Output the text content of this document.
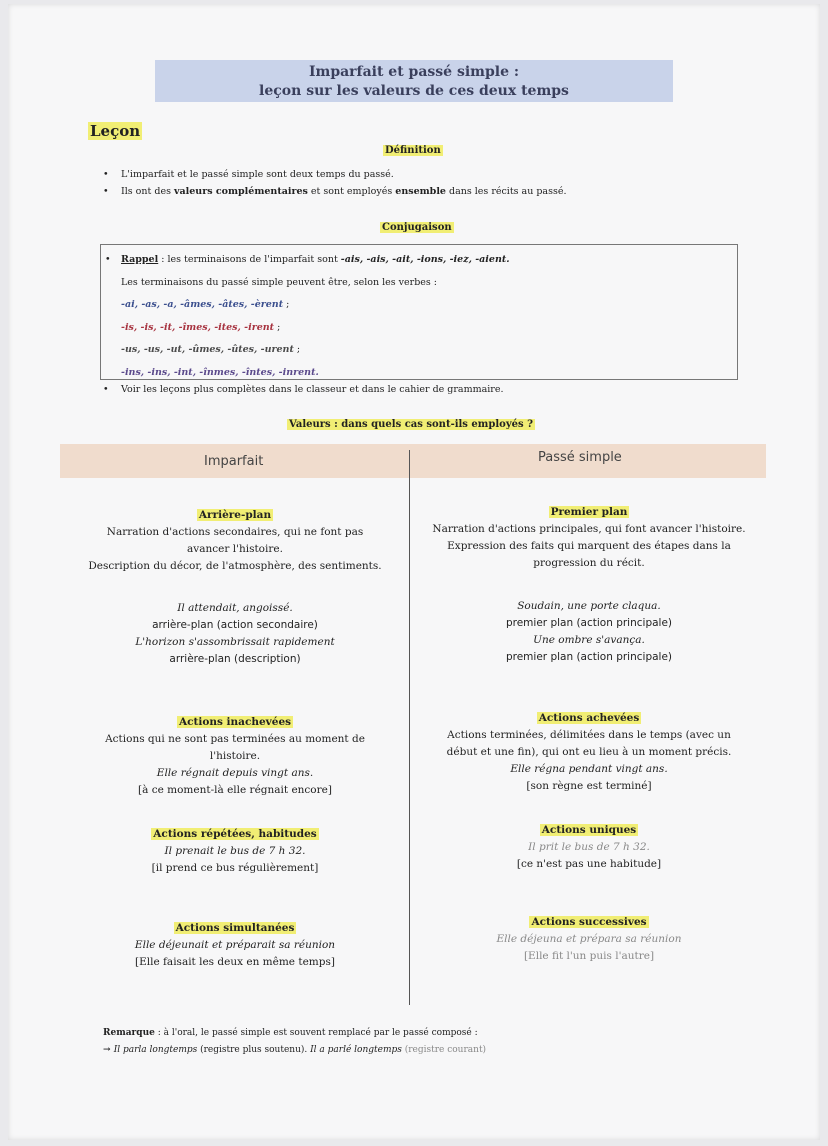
Imparfait et passé simple :
leçon sur les valeurs de ces deux temps
Leçon
Définition
• L'imparfait et le passé simple sont deux temps du passé.
• Ils ont des valeurs complémentaires et sont employés ensemble dans les récits au passé.
Conjugaison
• Rappel : les terminaisons de l'imparfait sont -ais, -ais, -ait, -ions, -iez, -aient.
Les terminaisons du passé simple peuvent être, selon les verbes :
-ai, -as, -a, -âmes, -âtes, -èrent ;
-is, -is, -it, -îmes, -ites, -irent ;
-us, -us, -ut, -ûmes, -ûtes, -urent ;
-ins, -ins, -int, -înmes, -întes, -inrent.
• Voir les leçons plus complètes dans le classeur et dans le cahier de grammaire.
Valeurs : dans quels cas sont-ils employés ?
Imparfait	Passé simple
Arrière-plan
Narration d'actions secondaires, qui ne font pas
avancer l'histoire.
Description du décor, de l'atmosphère, des sentiments.
Il attendait, angoissé.
arrière-plan (action secondaire)
L'horizon s'assombrissait rapidement
arrière-plan (description)
Actions inachevées
Actions qui ne sont pas terminées au moment de
l'histoire.
Elle régnait depuis vingt ans.
[à ce moment-là elle régnait encore]
Actions répétées, habitudes
Il prenait le bus de 7 h 32.
[il prend ce bus régulièrement]
Actions simultanées
Elle déjeunait et préparait sa réunion
[Elle faisait les deux en même temps]
Premier plan
Narration d'actions principales, qui font avancer l'histoire.
Expression des faits qui marquent des étapes dans la
progression du récit.
Soudain, une porte claqua.
premier plan (action principale)
Une ombre s'avança.
premier plan (action principale)
Actions achevées
Actions terminées, délimitées dans le temps (avec un
début et une fin), qui ont eu lieu à un moment précis.
Elle régna pendant vingt ans.
[son règne est terminé]
Actions uniques
Il prit le bus de 7 h 32.
[ce n'est pas une habitude]
Actions successives
Elle déjeuna et prépara sa réunion
[Elle fit l'un puis l'autre]
Remarque : à l'oral, le passé simple est souvent remplacé par le passé composé :
→ Il parla longtemps (registre plus soutenu). Il a parlé longtemps (registre courant)
